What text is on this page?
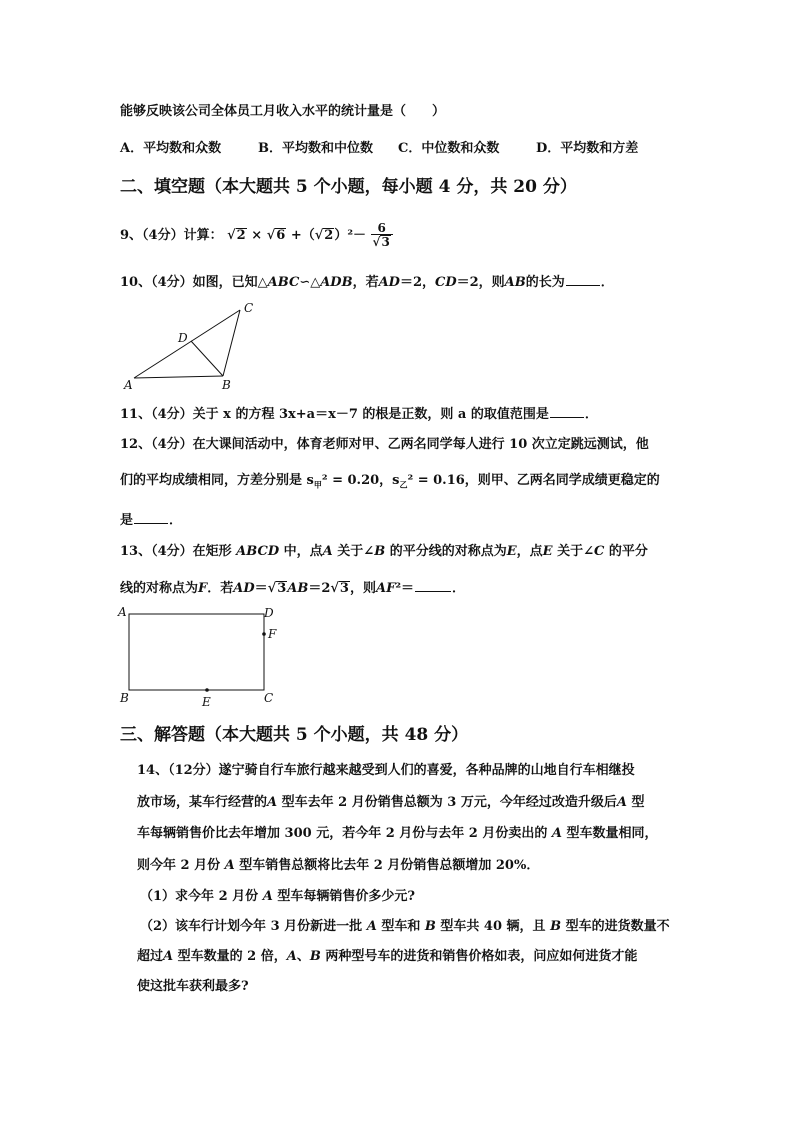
能够反映该公司全体员工月收入水平的统计量是（　　）
A．平均数和众数	B．平均数和中位数 C．中位数和众数	D．平均数和方差
二、填空题（本大题共 5 个小题，每小题 4 分，共 20 分）
9、（4分）计算： $√2 \times √6 +(√2)^2- \frac{6}{√3}$
10、（4分）如图，已知△ABC∽△ADB，若AD＝2，CD＝2，则AB的长为	．
A	B
C
D
11、（4分）关于 x 的方程 3x+a＝x－7 的根是正数，则 a 的取值范围是	．
12、（4分）在大课间活动中，体育老师对甲、乙两名同学每人进行 10 次立定跳远测试，他
们的平均成绩相同，方差分别是 $s_甲^2 = 0.20$，$s_乙^2 = 0.16$，则甲、乙两名同学成绩更稳定的
是	．
13、（4分）在矩形 ABCD 中，点A 关于∠B 的平分线的对称点为E，点E 关于∠C 的平分
线的对称点为F．若AD＝√3AB＝2√3，则AF²＝	．
A	D
F
B	C
E
三、解答题（本大题共 5 个小题，共 48 分）
14、（12分）遂宁骑自行车旅行越来越受到人们的喜爱，各种品牌的山地自行车相继投
放市场，某车行经营的A 型车去年 2 月份销售总额为 3 万元，今年经过改造升级后A 型
车每辆销售价比去年增加 300 元，若今年 2 月份与去年 2 月份卖出的 A 型车数量相同，
则今年 2 月份 A 型车销售总额将比去年 2 月份销售总额增加 20%．
（1）求今年 2 月份 A 型车每辆销售价多少元?
（2）该车行计划今年 3 月份新进一批 A 型车和 B 型车共 40 辆，且 B 型车的进货数量不
超过A 型车数量的 2 倍，A、B 两种型号车的进货和销售价格如表，问应如何进货才能
使这批车获利最多?
